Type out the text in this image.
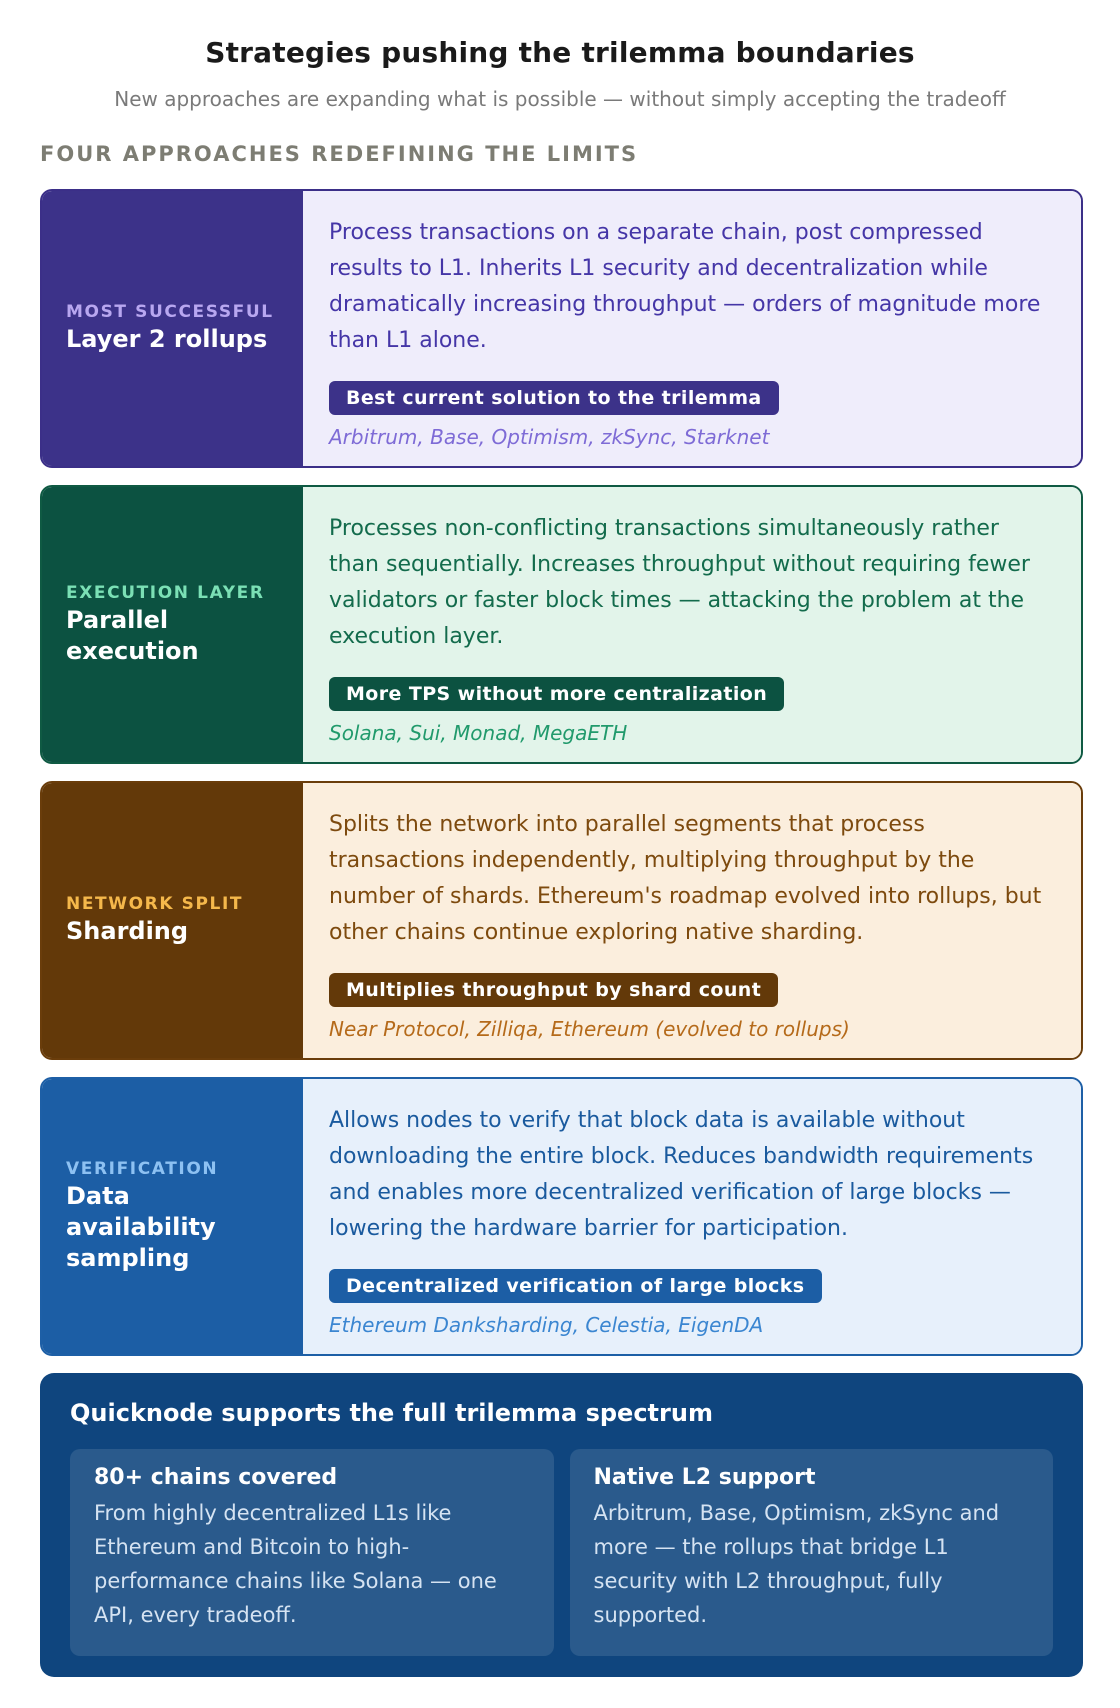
Strategies pushing the trilemma boundaries
New approaches are expanding what is possible — without simply accepting the tradeoff
FOUR APPROACHES REDEFINING THE LIMITS
MOST SUCCESSFUL
Layer 2 rollups
Process transactions on a separate chain, post compressed results to L1. Inherits L1 security and decentralization while dramatically increasing throughput — orders of magnitude more than L1 alone.
Best current solution to the trilemma
Arbitrum, Base, Optimism, zkSync, Starknet
EXECUTION LAYER
Parallel execution
Processes non-conflicting transactions simultaneously rather than sequentially. Increases throughput without requiring fewer validators or faster block times — attacking the problem at the execution layer.
More TPS without more centralization
Solana, Sui, Monad, MegaETH
NETWORK SPLIT
Sharding
Splits the network into parallel segments that process transactions independently, multiplying throughput by the number of shards. Ethereum's roadmap evolved into rollups, but other chains continue exploring native sharding.
Multiplies throughput by shard count
Near Protocol, Zilliqa, Ethereum (evolved to rollups)
VERIFICATION
Data availability sampling
Allows nodes to verify that block data is available without downloading the entire block. Reduces bandwidth requirements and enables more decentralized verification of large blocks — lowering the hardware barrier for participation.
Decentralized verification of large blocks
Ethereum Danksharding, Celestia, EigenDA
Quicknode supports the full trilemma spectrum
80+ chains covered
From highly decentralized L1s like Ethereum and Bitcoin to high-performance chains like Solana — one API, every tradeoff.
Native L2 support
Arbitrum, Base, Optimism, zkSync and more — the rollups that bridge L1 security with L2 throughput, fully supported.
